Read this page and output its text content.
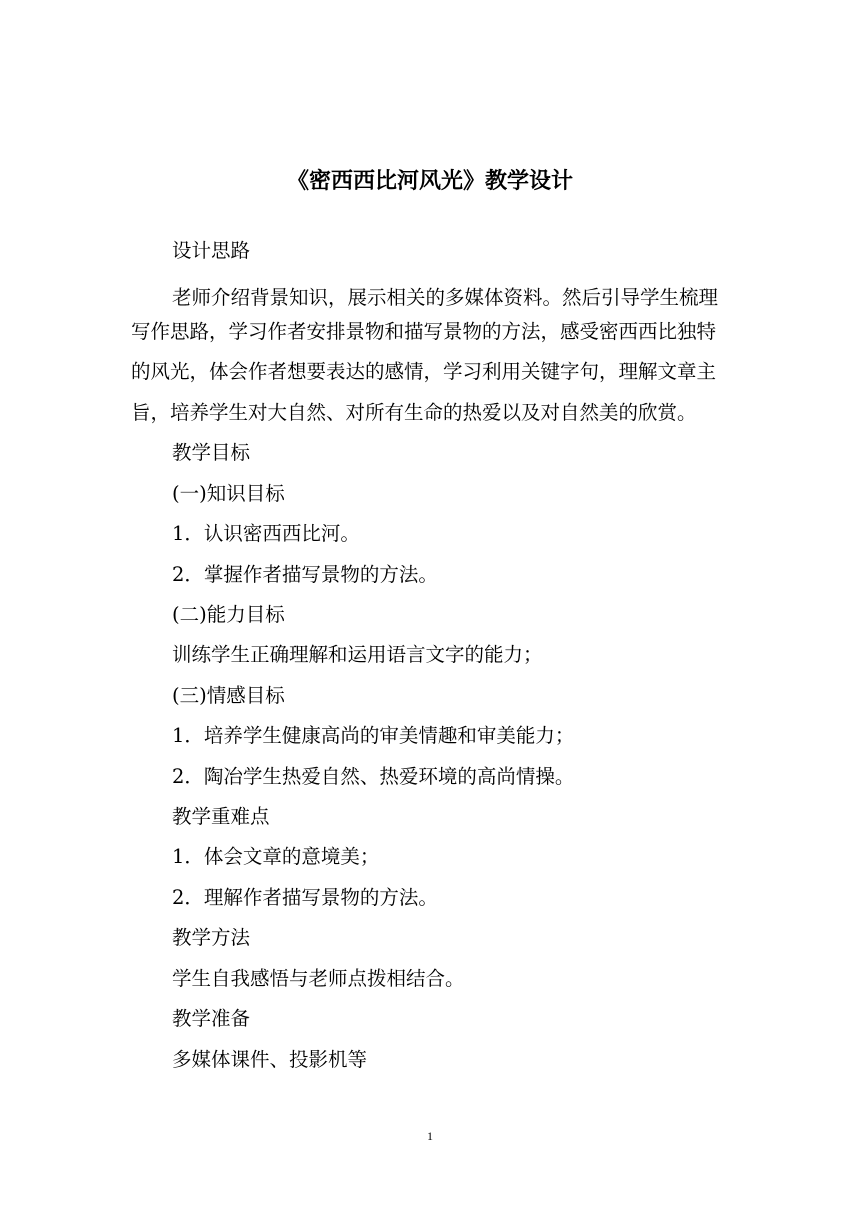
《密西西比河风光》教学设计

设计思路

老师介绍背景知识，展示相关的多媒体资料。然后引导学生梳理

写作思路，学习作者安排景物和描写景物的方法，感受密西西比独特

的风光，体会作者想要表达的感情，学习利用关键字句，理解文章主

旨，培养学生对大自然、对所有生命的热爱以及对自然美的欣赏。

教学目标

(一)知识目标

1．认识密西西比河。

2．掌握作者描写景物的方法。

(二)能力目标

训练学生正确理解和运用语言文字的能力；

(三)情感目标

1．培养学生健康高尚的审美情趣和审美能力；

2．陶冶学生热爱自然、热爱环境的高尚情操。

教学重难点

1．体会文章的意境美；

2．理解作者描写景物的方法。

教学方法

学生自我感悟与老师点拨相结合。

教学准备

多媒体课件、投影机等

1
